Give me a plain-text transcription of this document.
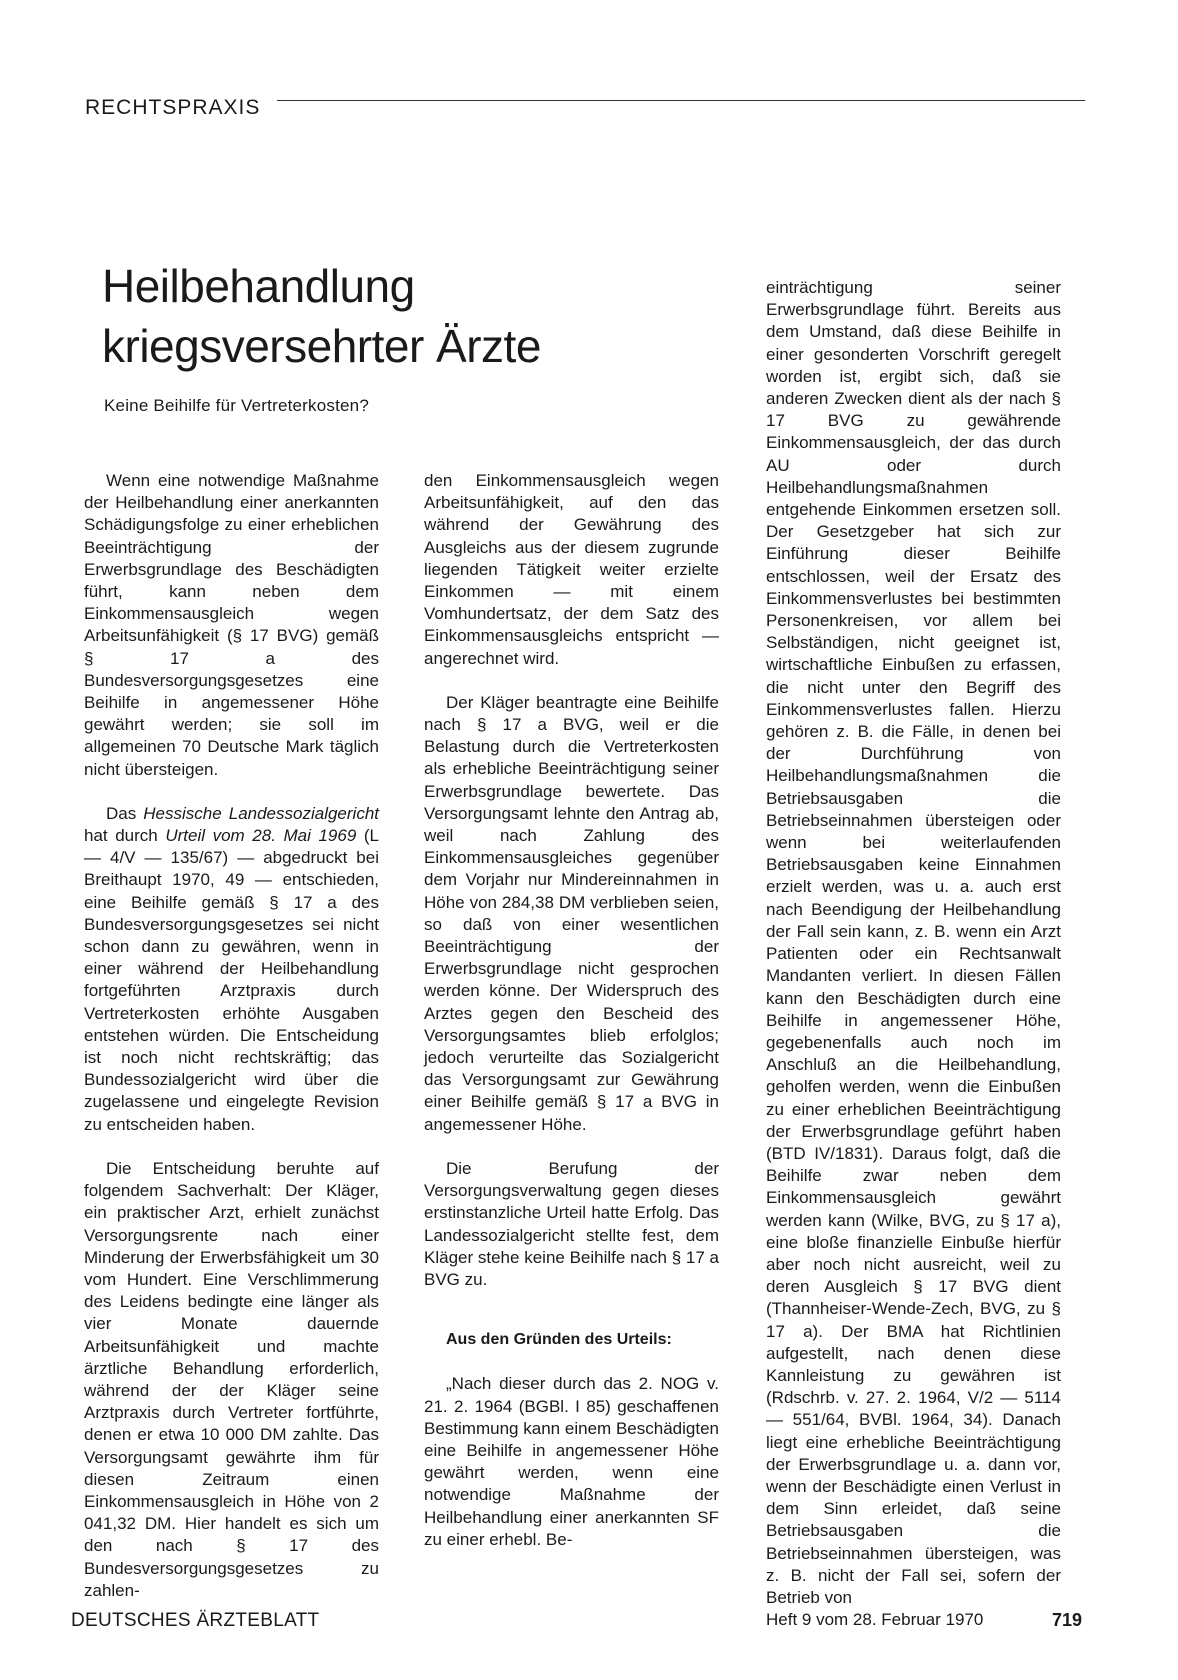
RECHTSPRAXIS
Heilbehandlung
kriegsversehrter Ärzte
Keine Beihilfe für Vertreterkosten?

Wenn eine notwendige Maßnahme der Heilbehandlung einer anerkannten Schädigungsfolge zu einer erheblichen Beeinträchtigung der Erwerbsgrundlage des Beschädigten führt, kann neben dem Einkommensausgleich wegen Arbeitsunfähigkeit (§ 17 BVG) gemäß § 17 a des Bundesversorgungsgesetzes eine Beihilfe in angemessener Höhe gewährt werden; sie soll im allgemeinen 70 Deutsche Mark täglich nicht übersteigen.

Das Hessische Landessozialgericht hat durch Urteil vom 28. Mai 1969 (L — 4/V — 135/67) — abgedruckt bei Breithaupt 1970, 49 — entschieden, eine Beihilfe gemäß § 17 a des Bundesversorgungsgesetzes sei nicht schon dann zu gewähren, wenn in einer während der Heilbehandlung fortgeführten Arztpraxis durch Vertreterkosten erhöhte Ausgaben entstehen würden. Die Entscheidung ist noch nicht rechtskräftig; das Bundessozialgericht wird über die zugelassene und eingelegte Revision zu entscheiden haben.

Die Entscheidung beruhte auf folgendem Sachverhalt: Der Kläger, ein praktischer Arzt, erhielt zunächst Versorgungsrente nach einer Minderung der Erwerbsfähigkeit um 30 vom Hundert. Eine Verschlimmerung des Leidens bedingte eine länger als vier Monate dauernde Arbeitsunfähigkeit und machte ärztliche Behandlung erforderlich, während der der Kläger seine Arztpraxis durch Vertreter fortführte, denen er etwa 10 000 DM zahlte. Das Versorgungsamt gewährte ihm für diesen Zeitraum einen Einkommensausgleich in Höhe von 2 041,32 DM. Hier handelt es sich um den nach § 17 des Bundesversorgungsgesetzes zu zahlen-

den Einkommensausgleich wegen Arbeitsunfähigkeit, auf den das während der Gewährung des Ausgleichs aus der diesem zugrunde liegenden Tätigkeit weiter erzielte Einkommen — mit einem Vomhundertsatz, der dem Satz des Einkommensausgleichs entspricht — angerechnet wird.

Der Kläger beantragte eine Beihilfe nach § 17 a BVG, weil er die Belastung durch die Vertreterkosten als erhebliche Beeinträchtigung seiner Erwerbsgrundlage bewertete. Das Versorgungsamt lehnte den Antrag ab, weil nach Zahlung des Einkommensausgleiches gegenüber dem Vorjahr nur Mindereinnahmen in Höhe von 284,38 DM verblieben seien, so daß von einer wesentlichen Beeinträchtigung der Erwerbsgrundlage nicht gesprochen werden könne. Der Widerspruch des Arztes gegen den Bescheid des Versorgungsamtes blieb erfolglos; jedoch verurteilte das Sozialgericht das Versorgungsamt zur Gewährung einer Beihilfe gemäß § 17 a BVG in angemessener Höhe.

Die Berufung der Versorgungsverwaltung gegen dieses erstinstanzliche Urteil hatte Erfolg. Das Landessozialgericht stellte fest, dem Kläger stehe keine Beihilfe nach § 17 a BVG zu.

Aus den Gründen des Urteils:

„Nach dieser durch das 2. NOG v. 21. 2. 1964 (BGBl. I 85) geschaffenen Bestimmung kann einem Beschädigten eine Beihilfe in angemessener Höhe gewährt werden, wenn eine notwendige Maßnahme der Heilbehandlung einer anerkannten SF zu einer erhebl. Be-

einträchtigung seiner Erwerbsgrundlage führt. Bereits aus dem Umstand, daß diese Beihilfe in einer gesonderten Vorschrift geregelt worden ist, ergibt sich, daß sie anderen Zwecken dient als der nach § 17 BVG zu gewährende Einkommensausgleich, der das durch AU oder durch Heilbehandlungsmaßnahmen entgehende Einkommen ersetzen soll. Der Gesetzgeber hat sich zur Einführung dieser Beihilfe entschlossen, weil der Ersatz des Einkommensverlustes bei bestimmten Personenkreisen, vor allem bei Selbständigen, nicht geeignet ist, wirtschaftliche Einbußen zu erfassen, die nicht unter den Begriff des Einkommensverlustes fallen. Hierzu gehören z. B. die Fälle, in denen bei der Durchführung von Heilbehandlungsmaßnahmen die Betriebsausgaben die Betriebseinnahmen übersteigen oder wenn bei weiterlaufenden Betriebsausgaben keine Einnahmen erzielt werden, was u. a. auch erst nach Beendigung der Heilbehandlung der Fall sein kann, z. B. wenn ein Arzt Patienten oder ein Rechtsanwalt Mandanten verliert. In diesen Fällen kann den Beschädigten durch eine Beihilfe in angemessener Höhe, gegebenenfalls auch noch im Anschluß an die Heilbehandlung, geholfen werden, wenn die Einbußen zu einer erheblichen Beeinträchtigung der Erwerbsgrundlage geführt haben (BTD IV/1831). Daraus folgt, daß die Beihilfe zwar neben dem Einkommensausgleich gewährt werden kann (Wilke, BVG, zu § 17 a), eine bloße finanzielle Einbuße hierfür aber noch nicht ausreicht, weil zu deren Ausgleich § 17 BVG dient (Thannheiser-Wende-Zech, BVG, zu § 17 a). Der BMA hat Richtlinien aufgestellt, nach denen diese Kannleistung zu gewähren ist (Rdschrb. v. 27. 2. 1964, V/2 — 5114 — 551/64, BVBl. 1964, 34). Danach liegt eine erhebliche Beeinträchtigung der Erwerbsgrundlage u. a. dann vor, wenn der Beschädigte einen Verlust in dem Sinn erleidet, daß seine Betriebsausgaben die Betriebseinnahmen übersteigen, was z. B. nicht der Fall sei, sofern der Betrieb von

DEUTSCHES ÄRZTEBLATT	Heft 9 vom 28. Februar 1970	719
